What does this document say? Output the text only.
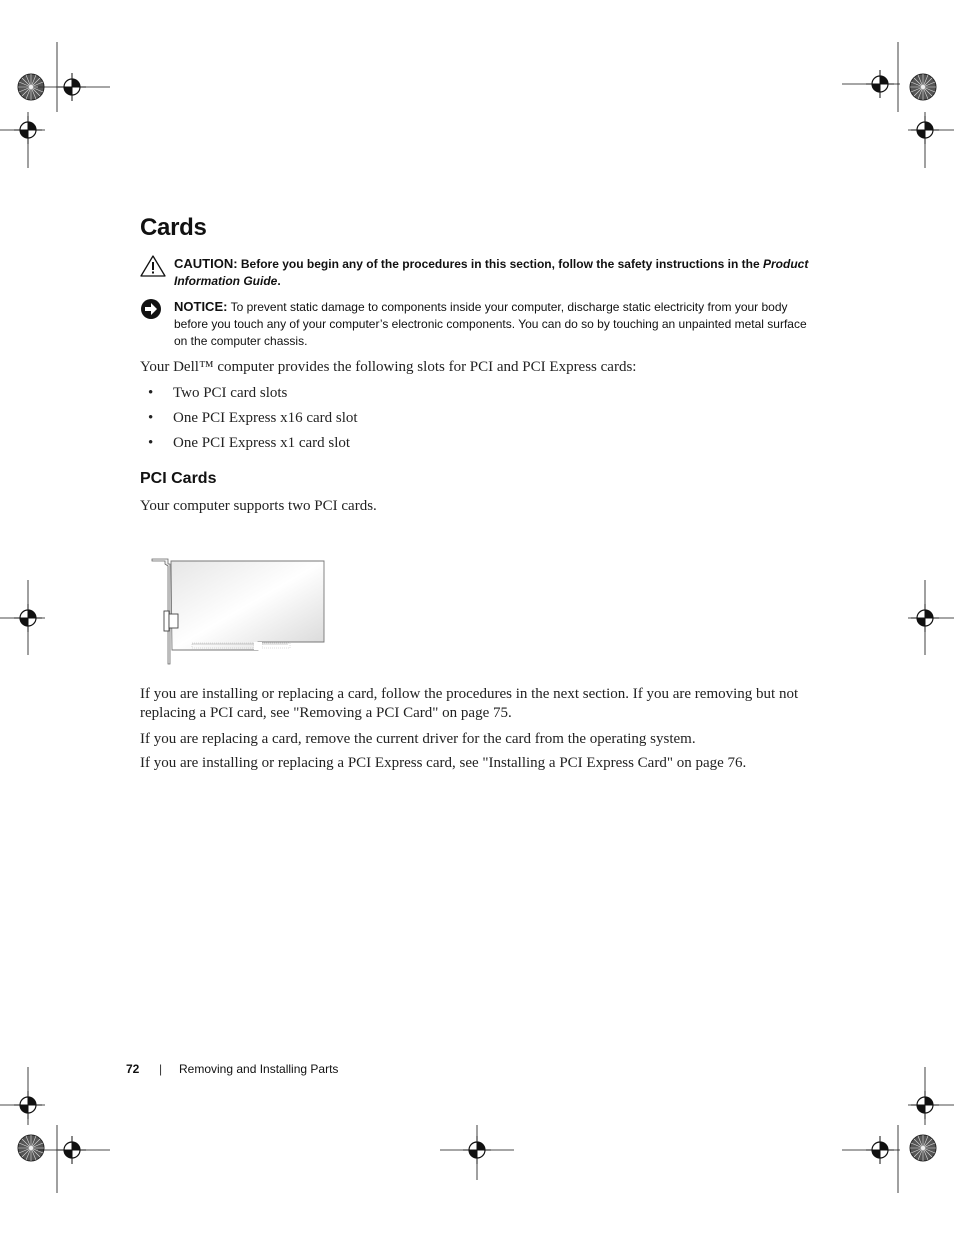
Cards
CAUTION: Before you begin any of the procedures in this section, follow the safety instructions in the Product Information Guide.
NOTICE: To prevent static damage to components inside your computer, discharge static electricity from your body before you touch any of your computer’s electronic components. You can do so by touching an unpainted metal surface on the computer chassis.
Your Dell™ computer provides the following slots for PCI and PCI Express cards:
• Two PCI card slots
• One PCI Express x16 card slot
• One PCI Express x1 card slot
PCI Cards
Your computer supports two PCI cards.
If you are installing or replacing a card, follow the procedures in the next section. If you are removing but not replacing a PCI card, see "Removing a PCI Card" on page 75.
If you are replacing a card, remove the current driver for the card from the operating system.
If you are installing or replacing a PCI Express card, see "Installing a PCI Express Card" on page 76.
72 | Removing and Installing Parts
